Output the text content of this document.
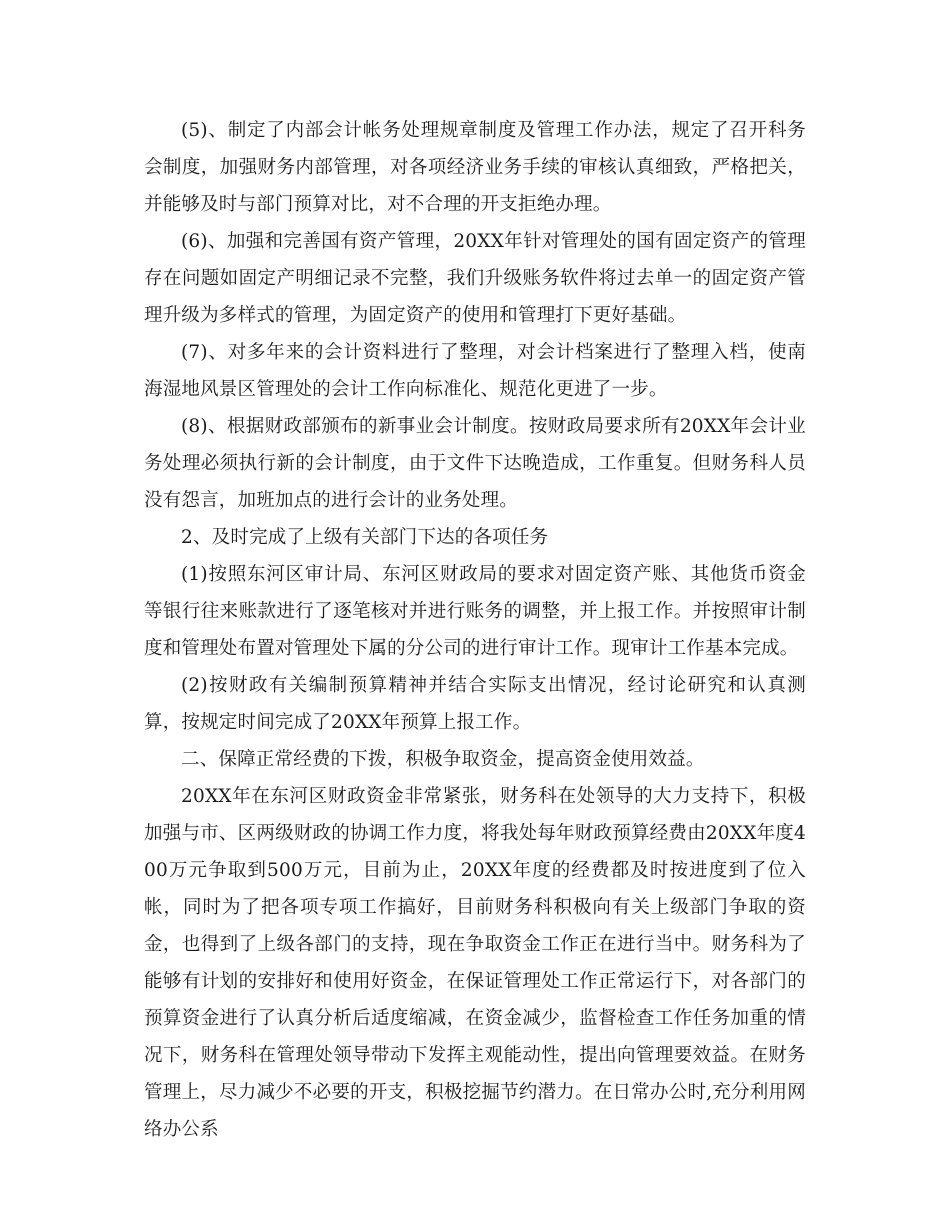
(5)、制定了内部会计帐务处理规章制度及管理工作办法，规定了召开科务会制度，加强财务内部管理，对各项经济业务手续的审核认真细致，严格把关，并能够及时与部门预算对比，对不合理的开支拒绝办理。

(6)、加强和完善国有资产管理，20XX年针对管理处的国有固定资产的管理存在问题如固定产明细记录不完整，我们升级账务软件将过去单一的固定资产管理升级为多样式的管理，为固定资产的使用和管理打下更好基础。

(7)、对多年来的会计资料进行了整理，对会计档案进行了整理入档，使南海湿地风景区管理处的会计工作向标准化、规范化更进了一步。

(8)、根据财政部颁布的新事业会计制度。按财政局要求所有20XX年会计业务处理必须执行新的会计制度，由于文件下达晚造成，工作重复。但财务科人员没有怨言，加班加点的进行会计的业务处理。

2、及时完成了上级有关部门下达的各项任务

(1)按照东河区审计局、东河区财政局的要求对固定资产账、其他货币资金等银行往来账款进行了逐笔核对并进行账务的调整，并上报工作。并按照审计制度和管理处布置对管理处下属的分公司的进行审计工作。现审计工作基本完成。

(2)按财政有关编制预算精神并结合实际支出情况，经讨论研究和认真测算，按规定时间完成了20XX年预算上报工作。

二、保障正常经费的下拨，积极争取资金，提高资金使用效益。

20XX年在东河区财政资金非常紧张，财务科在处领导的大力支持下，积极加强与市、区两级财政的协调工作力度，将我处每年财政预算经费由20XX年度400万元争取到500万元，目前为止，20XX年度的经费都及时按进度到了位入帐，同时为了把各项专项工作搞好，目前财务科积极向有关上级部门争取的资金，也得到了上级各部门的支持，现在争取资金工作正在进行当中。财务科为了能够有计划的安排好和使用好资金，在保证管理处工作正常运行下，对各部门的预算资金进行了认真分析后适度缩减，在资金减少，监督检查工作任务加重的情况下，财务科在管理处领导带动下发挥主观能动性，提出向管理要效益。在财务管理上，尽力减少不必要的开支，积极挖掘节约潜力。在日常办公时,充分利用网络办公系
